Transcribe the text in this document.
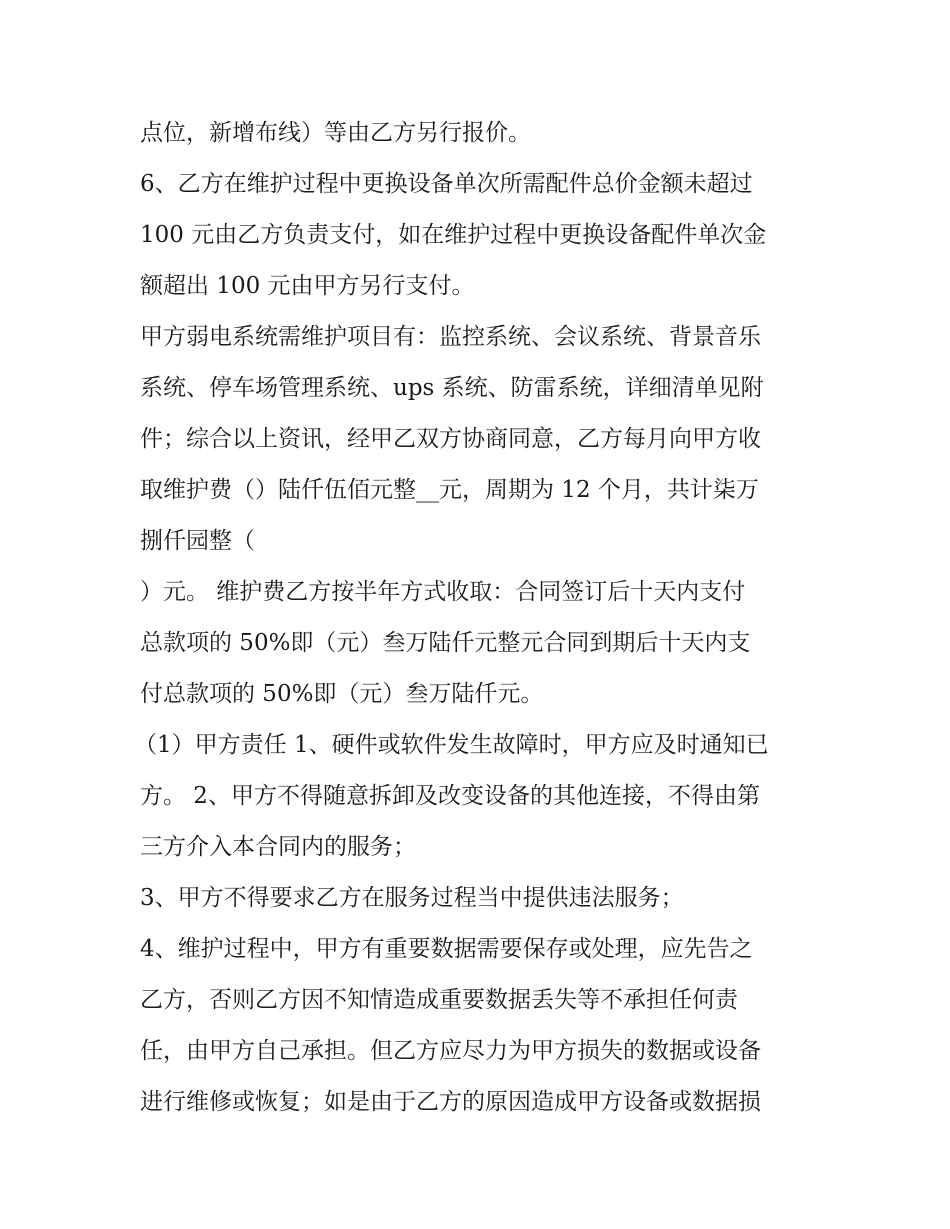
点位，新增布线）等由乙方另行报价。
6、乙方在维护过程中更换设备单次所需配件总价金额未超过
100 元由乙方负责支付，如在维护过程中更换设备配件单次金
额超出 100 元由甲方另行支付。
甲方弱电系统需维护项目有：监控系统、会议系统、背景音乐
系统、停车场管理系统、ups 系统、防雷系统，详细清单见附
件；综合以上资讯，经甲乙双方协商同意，乙方每月向甲方收
取维护费（）陆仟伍佰元整__元，周期为 12 个月，共计柒万
捌仟园整（
）元。 维护费乙方按半年方式收取：合同签订后十天内支付
总款项的 50%即（元）叁万陆仟元整元合同到期后十天内支
付总款项的 50%即（元）叁万陆仟元。
（1）甲方责任 1、硬件或软件发生故障时，甲方应及时通知已
方。 2、甲方不得随意拆卸及改变设备的其他连接，不得由第
三方介入本合同内的服务；
3、甲方不得要求乙方在服务过程当中提供违法服务；
4、维护过程中，甲方有重要数据需要保存或处理，应先告之
乙方，否则乙方因不知情造成重要数据丢失等不承担任何责
任，由甲方自己承担。但乙方应尽力为甲方损失的数据或设备
进行维修或恢复；如是由于乙方的原因造成甲方设备或数据损
